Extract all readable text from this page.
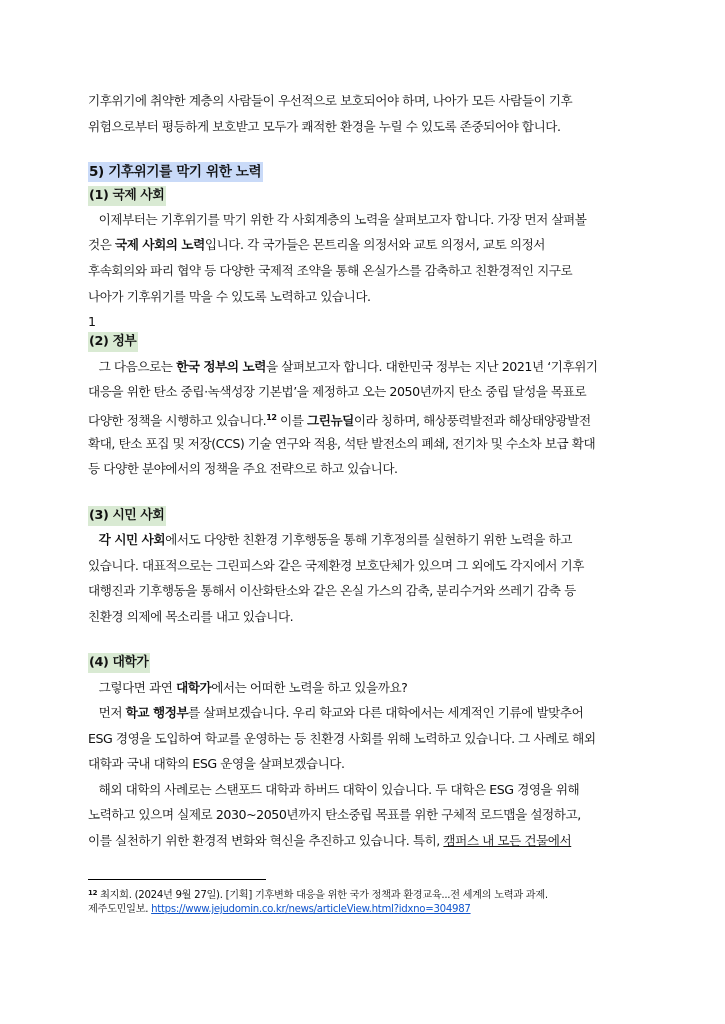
기후위기에 취약한 계층의 사람들이 우선적으로 보호되어야 하며, 나아가 모든 사람들이 기후
위험으로부터 평등하게 보호받고 모두가 쾌적한 환경을 누릴 수 있도록 존중되어야 합니다.
5) 기후위기를 막기 위한 노력
(1) 국제 사회
이제부터는 기후위기를 막기 위한 각 사회계층의 노력을 살펴보고자 합니다. 가장 먼저 살펴볼
것은 국제 사회의 노력입니다. 각 국가들은 몬트리올 의정서와 교토 의정서, 교토 의정서
후속회의와 파리 협약 등 다양한 국제적 조약을 통해 온실가스를 감축하고 친환경적인 지구로
나아가 기후위기를 막을 수 있도록 노력하고 있습니다.
1
(2) 정부
그 다음으로는 한국 정부의 노력을 살펴보고자 합니다. 대한민국 정부는 지난 2021년 ‘기후위기
대응을 위한 탄소 중립·녹색성장 기본법’을 제정하고 오는 2050년까지 탄소 중립 달성을 목표로
다양한 정책을 시행하고 있습니다.$^{12}$ 이를 그린뉴딜이라 칭하며, 해상풍력발전과 해상태양광발전
확대, 탄소 포집 및 저장(CCS) 기술 연구와 적용, 석탄 발전소의 폐쇄, 전기차 및 수소차 보급 확대
등 다양한 분야에서의 정책을 주요 전략으로 하고 있습니다.
(3) 시민 사회
각 시민 사회에서도 다양한 친환경 기후행동을 통해 기후정의를 실현하기 위한 노력을 하고
있습니다. 대표적으로는 그린피스와 같은 국제환경 보호단체가 있으며 그 외에도 각지에서 기후
대행진과 기후행동을 통해서 이산화탄소와 같은 온실 가스의 감축, 분리수거와 쓰레기 감축 등
친환경 의제에 목소리를 내고 있습니다.
(4) 대학가
그렇다면 과연 대학가에서는 어떠한 노력을 하고 있을까요?
먼저 학교 행정부를 살펴보겠습니다. 우리 학교와 다른 대학에서는 세계적인 기류에 발맞추어
ESG 경영을 도입하여 학교를 운영하는 등 친환경 사회를 위해 노력하고 있습니다. 그 사례로 해외
대학과 국내 대학의 ESG 운영을 살펴보겠습니다.
해외 대학의 사례로는 스탠포드 대학과 하버드 대학이 있습니다. 두 대학은 ESG 경영을 위해
노력하고 있으며 실제로 2030~2050년까지 탄소중립 목표를 위한 구체적 로드맵을 설정하고,
이를 실천하기 위한 환경적 변화와 혁신을 추진하고 있습니다. 특히, 캠퍼스 내 모든 건물에서
$^{12}$ 최지희. (2024년 9월 27일). [기획] 기후변화 대응을 위한 국가 정책과 환경교육...전 세계의 노력과 과제.
제주도민일보. https://www.jejudomin.co.kr/news/articleView.html?idxno=304987
